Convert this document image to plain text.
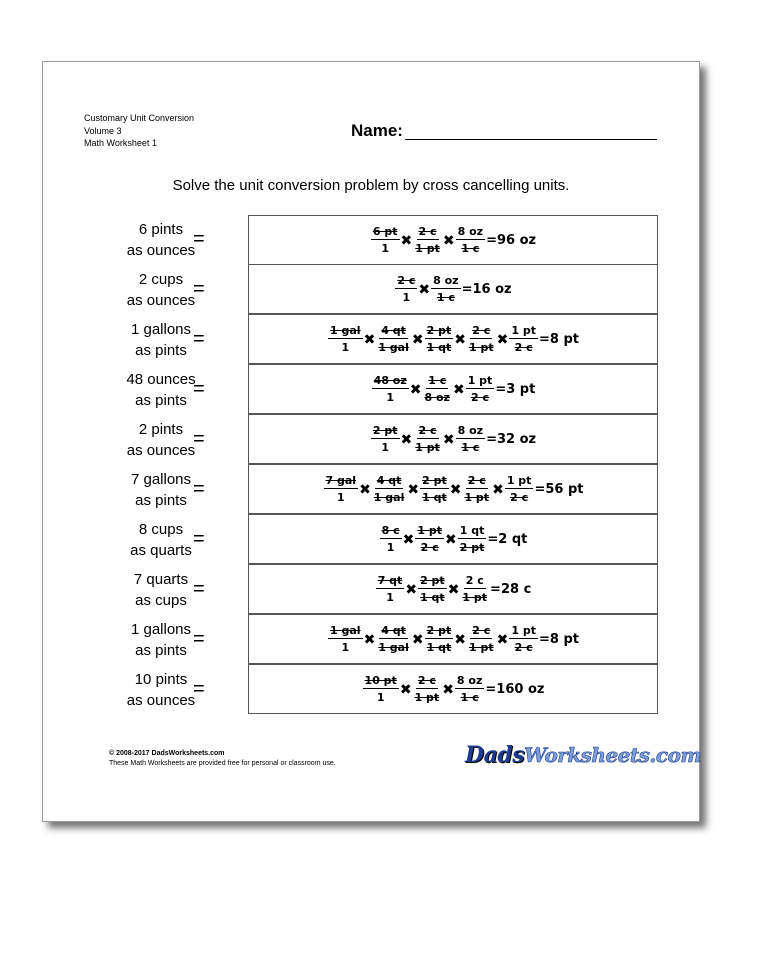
Customary Unit Conversion
Volume 3
Math Worksheet 1
Name:
Solve the unit conversion problem by cross cancelling units.
6 pints
as ounces
=	$\frac{6 pt}{1}$ ✖ $\frac{2 c}{1 pt}$ ✖ $\frac{8 oz}{1 c} = 96$ oz
2 cups
as ounces
=	$\frac{2 c}{1}$ ✖ $\frac{8 oz}{1 c} = 16$ oz
1 gallons
as pints
=	$\frac{\text{1 gal}}{1}$ ✖ $\frac{4 qt}{\text{1 gal}}$ ✖ $\frac{2 pt}{1 qt}$ ✖ $\frac{2 c}{1 pt}$ ✖ $\frac{1 pt}{2 c} = 8$ pt
48 ounces
as pints
=	$\frac{48 oz}{1}$ ✖ $\frac{1 c}{8 oz}$ ✖ $\frac{1 pt}{2 c} = 3$ pt
2 pints
as ounces
=	$\frac{2 pt}{1}$ ✖ $\frac{2 c}{1 pt}$ ✖ $\frac{8 oz}{1 c} = 32$ oz
7 gallons
as pints
=	$\frac{\text{7 gal}}{1}$ ✖ $\frac{4 qt}{\text{1 gal}}$ ✖ $\frac{2 pt}{1 qt}$ ✖ $\frac{2 c}{1 pt}$ ✖ $\frac{1 pt}{2 c} = 56$ pt
8 cups
as quarts
=	$\frac{8 c}{1}$ ✖ $\frac{1 pt}{2 c}$ ✖ $\frac{1 qt}{2 pt} = 2$ qt
7 quarts
as cups
=	$\frac{7 qt}{1}$ ✖ $\frac{2 pt}{1 qt}$ ✖ $\frac{2 c}{1 pt} = 28$ c
1 gallons
as pints
=	$\frac{\text{1 gal}}{1}$ ✖ $\frac{4 qt}{\text{1 gal}}$ ✖ $\frac{2 pt}{1 qt}$ ✖ $\frac{2 c}{1 pt}$ ✖ $\frac{1 pt}{2 c} = 8$ pt
10 pints
as ounces
=	$\frac{10 pt}{1}$ ✖ $\frac{2 c}{1 pt}$ ✖ $\frac{8 oz}{1 c} = 160$ oz
© 2008-2017 DadsWorksheets.com
These Math Worksheets are provided free for personal or classroom use.	DadsWorksheets.com
